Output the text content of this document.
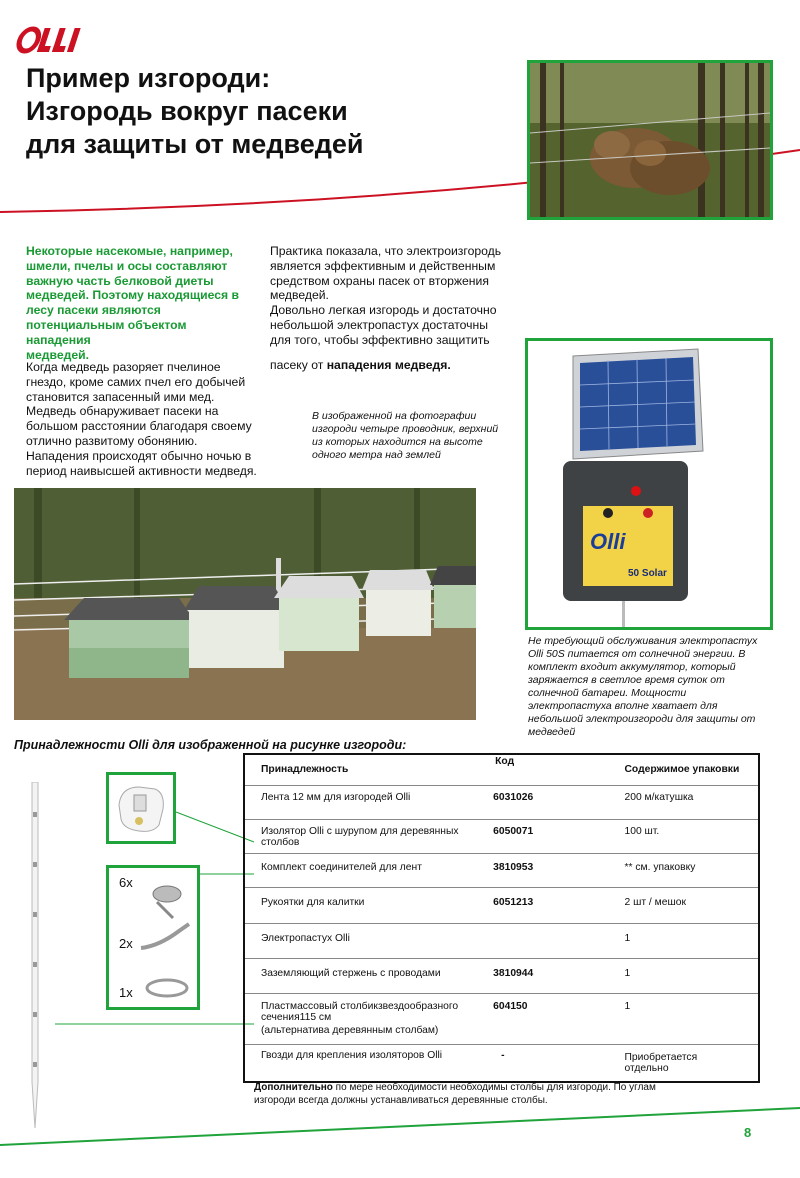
Пример изгороди:
Изгородь вокруг пасеки
для защиты от медведей
Некоторые насекомые, например,
шмели, пчелы и осы составляют
важную часть белковой диеты
медведей. Поэтому находящиеся в
лесу пасеки являются
потенциальным объектом нападения
медведей.
Когда медведь разоряет пчелиное
гнездо, кроме самих пчел его добычей
становится запасенный ими мед.
Медведь обнаруживает пасеки на
большом расстоянии благодаря своему
отлично развитому обонянию.
Нападения происходят обычно ночью в
период наивысшей активности медведя.
Практика показала, что электроизгородь
является эффективным и действенным
средством охраны пасек от вторжения
медведей.
Довольно легкая изгородь и достаточно
небольшой электропастух достаточны
для того, чтобы эффективно защитить
пасеку от нападения медведя.
В изображенной на фотографии
изгороди четыре проводник, верхний
из которых находится на высоте
одного метра над землей
50 Solar
Olli
Не требующий обслуживания электропастух
Olli 50S питается от солнечной энергии. В
комплект входит аккумулятор, который
заряжается в светлое время суток от
солнечной батареи. Мощности
электропастуха вполне хватает для
небольшой электроизгороди для защиты от
медведей
Принадлежности Olli для изображенной на рисунке изгороди:
6x
2x
1x
Принадлежность	Код	Содержимое упаковки
Лента 12 мм для изгородей Olli	6031026	200 м/катушка

Изолятор Olli с шурупом для деревянных
столбов	6050071	100 шт.
Комплект соединителей для лент	3810953	** см. упаковку
Рукоятки для калитки	6051213	2 шт / мешок
Электропастух Olli		1
Заземляющий стержень с проводами	3810944	1

Пластмассовый столбикзвездообразного
сечения115 см
(альтернатива деревянным столбам)	604150	1
Гвозди для крепления изоляторов Olli	-	Приобретается
отдельно
Дополнительно по мере необходимости необходимы столбы для изгороди. По углам изгороди всегда должны устанавливаться деревянные столбы.
8
